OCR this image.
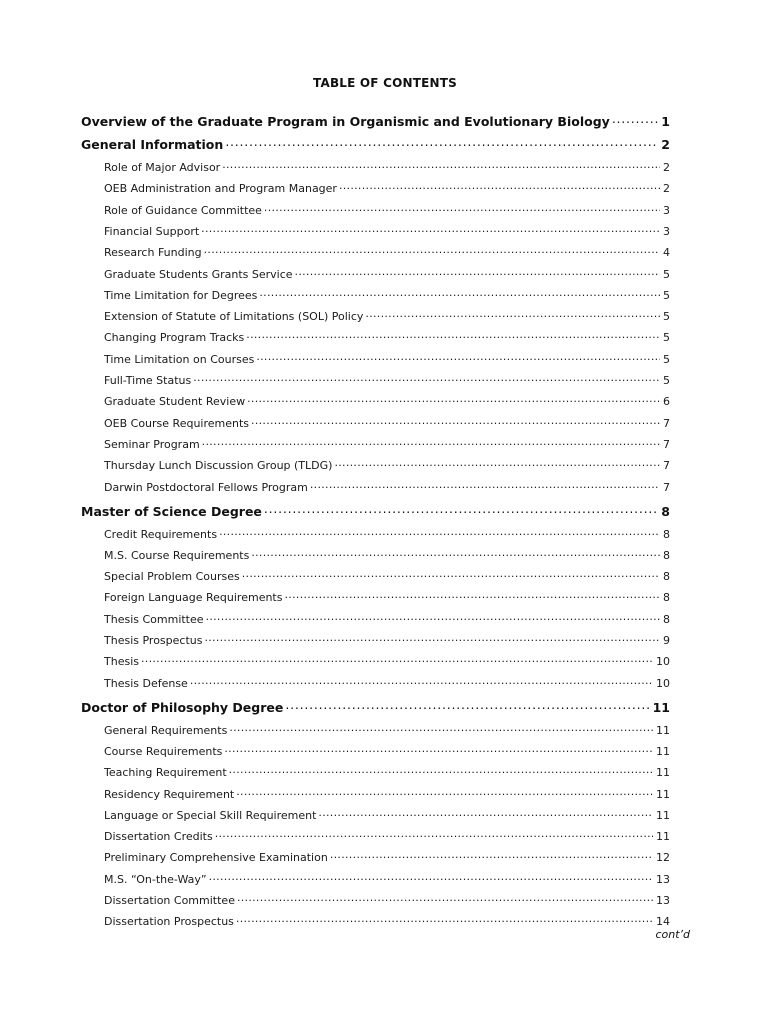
TABLE OF CONTENTS
Overview of the Graduate Program in Organismic and Evolutionary Biology . . .	1
General Information . . .	2
Role of Major Advisor . . .	2
OEB Administration and Program Manager . . .	2
Role of Guidance Committee . . .	3
Financial Support . . .	3
Research Funding . . .	4
Graduate Students Grants Service . . .	5
Time Limitation for Degrees . . .	5
Extension of Statute of Limitations (SOL) Policy . . .	5
Changing Program Tracks . . .	5
Time Limitation on Courses . . .	5
Full-Time Status . . .	5
Graduate Student Review . . .	6
OEB Course Requirements . . .	7
Seminar Program . . .	7
Thursday Lunch Discussion Group (TLDG) . . .	7
Darwin Postdoctoral Fellows Program . . .	7
Master of Science Degree . . .	8
Credit Requirements . . .	8
M.S. Course Requirements . . .	8
Special Problem Courses . . .	8
Foreign Language Requirements . . .	8
Thesis Committee . . .	8
Thesis Prospectus . . .	9
Thesis . . .	10
Thesis Defense . . .	10
Doctor of Philosophy Degree . . .	11
General Requirements . . .	11
Course Requirements . . .	11
Teaching Requirement . . .	11
Residency Requirement . . .	11
Language or Special Skill Requirement . . .	11
Dissertation Credits . . .	11
Preliminary Comprehensive Examination . . .	12
M.S. “On-the-Way” . . .	13
Dissertation Committee . . .	13
Dissertation Prospectus . . .	14
cont’d
